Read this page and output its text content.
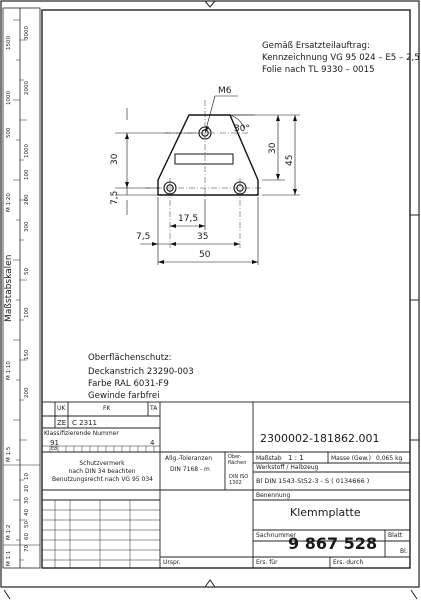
Maßstabskalen
1500
3000
1000
2000
500
1000
M 1:20
100
200
300
M 1:10
50
100
150
200
10
20
30
40
50
60
70
M 1:5
M 1:2
M 1:1
Gemäß Ersatzteilauftrag:
Kennzeichnung VG 95 024 – E5 – 2,5
Folie nach TL 9330 – 0015
M6
30°
30
7,5
30
45
17,5
7,5	35
50
Oberflächenschutz:
Deckanstrich 23290-003
Farbe RAL 6031-F9
Gewinde farbfrei
UK	FK	TA
ZE C 2311
Klassifizierende Nummer
91	4
E8
2300002-181862.001
Allg.-Toleranzen
DIN 7168 - m
Ober-
flächen
DIN ISO
1302
Maßstab 1 : 1	Masse (Gew.) 0,065 kg
Werkstoff / Halbzeug
Bl DIN 1543-St52-3 - S ( 0134666 )
Schutzvermerk
nach DIN 34 beachten
Benutzungsrecht nach VG 95 034
Benennung
Klemmplatte
Sachnummer
9 867 528 Blatt
Bl.
Urspr.	Ers. für	Ers. durch
